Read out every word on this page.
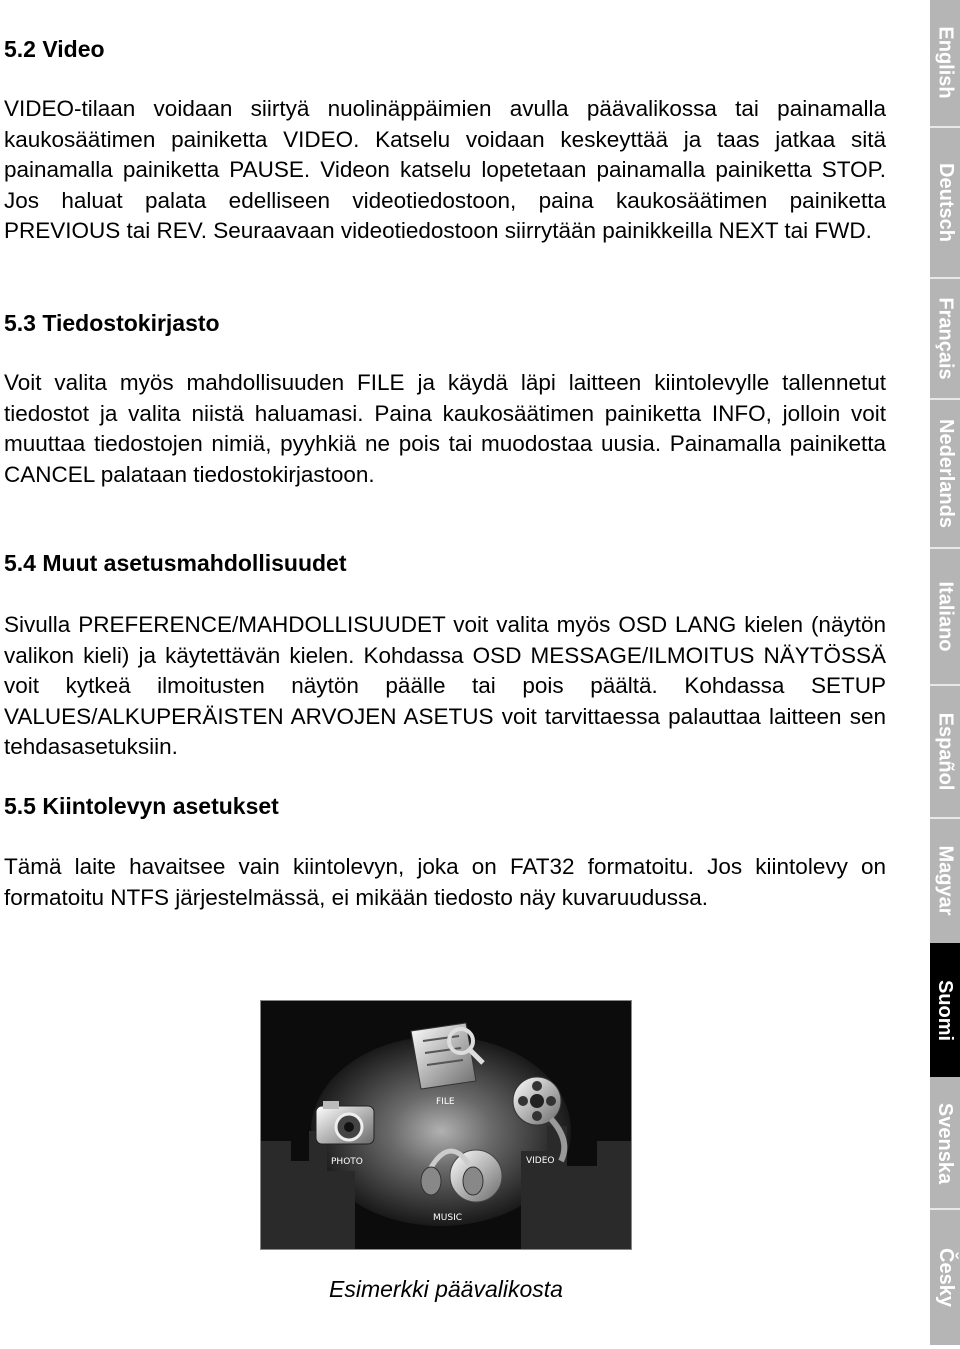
5.2 Video

VIDEO-tilaan voidaan siirtyä nuolinäppäimien avulla päävalikossa tai painamalla kaukosäätimen painiketta VIDEO. Katselu voidaan keskeyttää ja taas jatkaa sitä painamalla painiketta PAUSE. Videon katselu lopetetaan painamalla painiketta STOP. Jos haluat palata edelliseen videotiedostoon, paina kaukosäätimen painiketta PREVIOUS tai REV. Seuraavaan videotiedostoon siirrytään painikkeilla NEXT tai FWD.

5.3 Tiedostokirjasto

Voit valita myös mahdollisuuden FILE ja käydä läpi laitteen kiintolevylle tallennetut tiedostot ja valita niistä haluamasi. Paina kaukosäätimen painiketta INFO, jolloin voit muuttaa tiedostojen nimiä, pyyhkiä ne pois tai muodostaa uusia. Painamalla painiketta CANCEL palataan tiedostokirjastoon.

5.4 Muut asetusmahdollisuudet

Sivulla PREFERENCE/MAHDOLLISUUDET voit valita myös OSD LANG kielen (näytön valikon kieli) ja käytettävän kielen. Kohdassa OSD MESSAGE/ILMOITUS NÄYTÖSSÄ voit kytkeä ilmoitusten näytön päälle tai pois päältä. Kohdassa SETUP VALUES/ALKUPERÄISTEN ARVOJEN ASETUS voit tarvittaessa palauttaa laitteen sen tehdasasetuksiin.

5.5 Kiintolevyn asetukset

Tämä laite havaitsee vain kiintolevyn, joka on FAT32 formatoitu. Jos kiintolevy on formatoitu NTFS järjestelmässä, ei mikään tiedosto näy kuvaruudussa.

FILE
PHOTO	VIDEO
MUSIC
Esimerkki päävalikosta
English
Deutsch
Français
Nederlands
Italiano
Español
Magyar
Suomi
Svenska
Česky
